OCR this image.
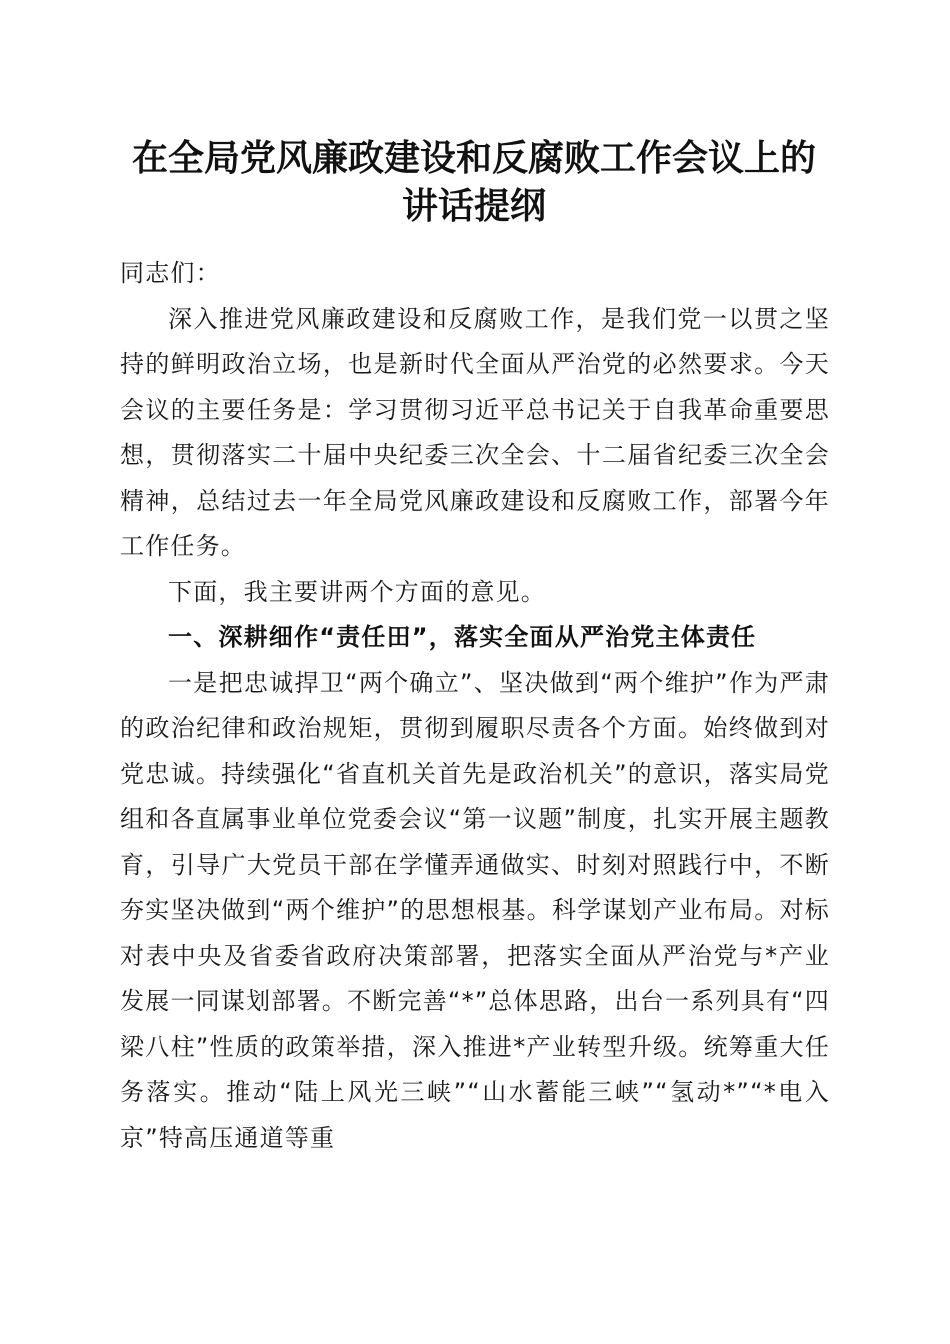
在全局党风廉政建设和反腐败工作会议上的讲话提纲

同志们：

深入推进党风廉政建设和反腐败工作，是我们党一以贯之坚持的鲜明政治立场，也是新时代全面从严治党的必然要求。今天会议的主要任务是：学习贯彻习近平总书记关于自我革命重要思想，贯彻落实二十届中央纪委三次全会、十二届省纪委三次全会精神，总结过去一年全局党风廉政建设和反腐败工作，部署今年工作任务。

下面，我主要讲两个方面的意见。

一、深耕细作“责任田”，落实全面从严治党主体责任

一是把忠诚捍卫“两个确立”、坚决做到“两个维护”作为严肃的政治纪律和政治规矩，贯彻到履职尽责各个方面。始终做到对党忠诚。持续强化“省直机关首先是政治机关”的意识，落实局党组和各直属事业单位党委会议“第一议题”制度，扎实开展主题教育，引导广大党员干部在学懂弄通做实、时刻对照践行中，不断夯实坚决做到“两个维护”的思想根基。科学谋划产业布局。对标对表中央及省委省政府决策部署，把落实全面从严治党与*产业发展一同谋划部署。不断完善“*”总体思路，出台一系列具有“四梁八柱”性质的政策举措，深入推进*产业转型升级。统筹重大任务落实。推动“陆上风光三峡”“山水蓄能三峡”“氢动*”“*电入京”特高压通道等重
